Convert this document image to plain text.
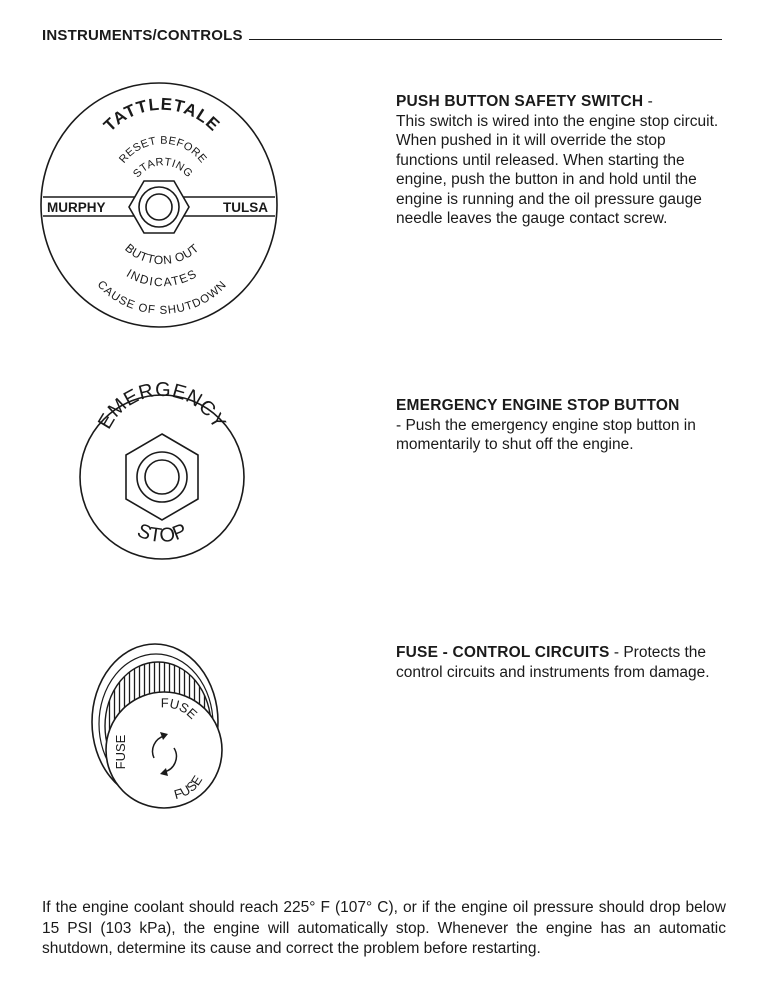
INSTRUMENTS/CONTROLS
TATTLETALE
RESET BEFORE
STARTING
MURPHY	TULSA
BUTTON OUT
INDICATES
CAUSE OF SHUTDOWN
EMERGENCY
STOP
FUSE
FUSE
FUSE
PUSH BUTTON SAFETY SWITCH -
This switch is wired into the engine stop circuit. When pushed in it will override the stop functions until released. When starting the engine, push the button in and hold until the engine is running and the oil pressure gauge needle leaves the gauge contact screw.
EMERGENCY ENGINE STOP BUTTON
- Push the emergency engine stop button in momentarily to shut off the engine.
FUSE - CONTROL CIRCUITS - Protects the control circuits and instruments from damage.
If the engine coolant should reach 225° F (107° C), or if the engine oil pressure should drop below 15 PSI (103 kPa), the engine will automatically stop. Whenever the engine has an automatic shutdown, determine its cause and correct the problem before restarting.
